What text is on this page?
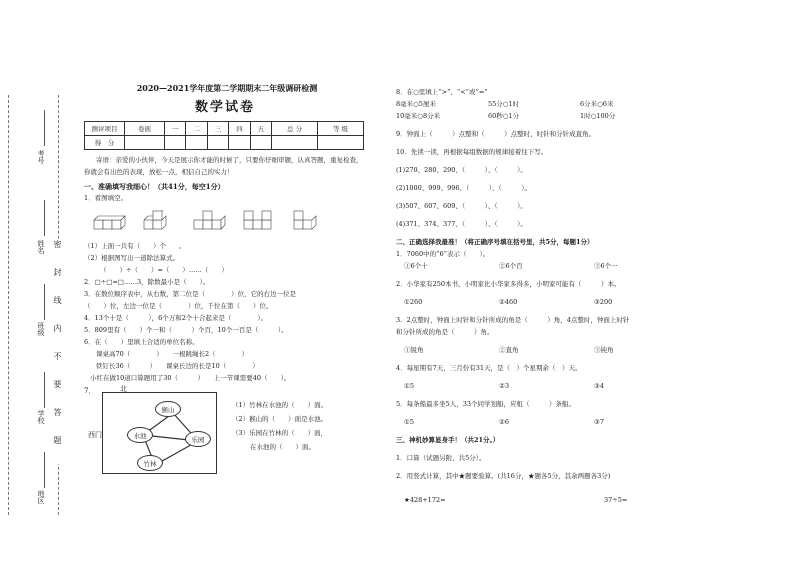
考号
姓名
班级
学校
地区
密封线内不要答题
2020—2021学年度第二学期期末二年级调研检测
数学试卷
测评项目	卷面	一	二	三	四	五	总 分	等 级
得　分								
寄语：亲爱的小伙伴，今天是展示你才能的时候了，只要你仔细审题，认真答题，重复检查，你就会有出色的表现，放松一点，相信自己的实力！
一、准确填写我细心！（共41分，每空1分）
1．看图填空。
（1）上面一共有（　　）个　　。
（2）根据图写出一道除法算式。
（　　）÷（　　）=（　　）……（　　）
2．□÷□=□……3，除数最小是（　　）。
3．在数位顺序表中，从右数，第二位是（　　　　）位，它的右边一位是
（　　）位，左边一位是（　　　　）位，千位在第（　　）位。
4．13个十是（　　　），6个万和2个十合起来是（　　　　）。
5．809里有（　　）个一和（　　　）个百，10个一百是（　　　）。
6．在（　　）里填上合适的单位名称。
课桌高70（　　　　）　　一根跳绳长2（　　　　）
铁钉长36（　　　）　　课桌长边的长是10（　　　　）
小红在做10道口算题用了30（　　　）　　上一节课需要40（　　）。
7．	北
猴山
水池	乐园
竹林
西门
（1）竹林在水池的（　　）面。
（2）猴山的（　　）面是水池。
（3）乐园在竹林的（　　）面，
在水池的（　　）面。
8．在○里填上“>”、“<”或“=”
8毫米○5厘米	55分○1时	6分米○6米
10毫米○8分米	60秒○1分	1时○100分
9．钟面上（　　　）点整和（　　　）点整时，时针和分针成直角。
10．先读一读，再根据每组数据的规律接着往下写。
(1)270、280、290、（　　　）、（　　　）。
(2)1000、999、996、（　　　）、（　　　）。
(3)507、607、609、（　　　）、（　　　）。
(4)371、374、377、（　　　）、（　　　）。
二、正确选择我最准！（将正确序号填在括号里，共5分，每题1分）
1．7060中的“6”表示（　　）。
①6个十	②6个百	③6个一
2．小华家有250本书，小明家比小华家多得多，小明家可能有（　　　）本。
①260	②460	③200
3．2点整时，钟面上时针和分针所成的角是（　　　）角，4点整时，钟面上时针
和分针所成的角是（　　　）角。
①锐角	②直角	③钝角
4．每星期有7天，三月份有31天，是（　）个星期余（　）天。
①5	②3	③4
5．每条船最多坐5人，33个同学划船，应租（　　　）条船。
①5	②6	③7
三、神机妙算显身手！（共21分。）
1．口算（试题另附，共5分）。
2．用竖式计算，其中★题要验算。(共16分，★题各5分，其余两题各3分)
★428+172=	37÷5=
